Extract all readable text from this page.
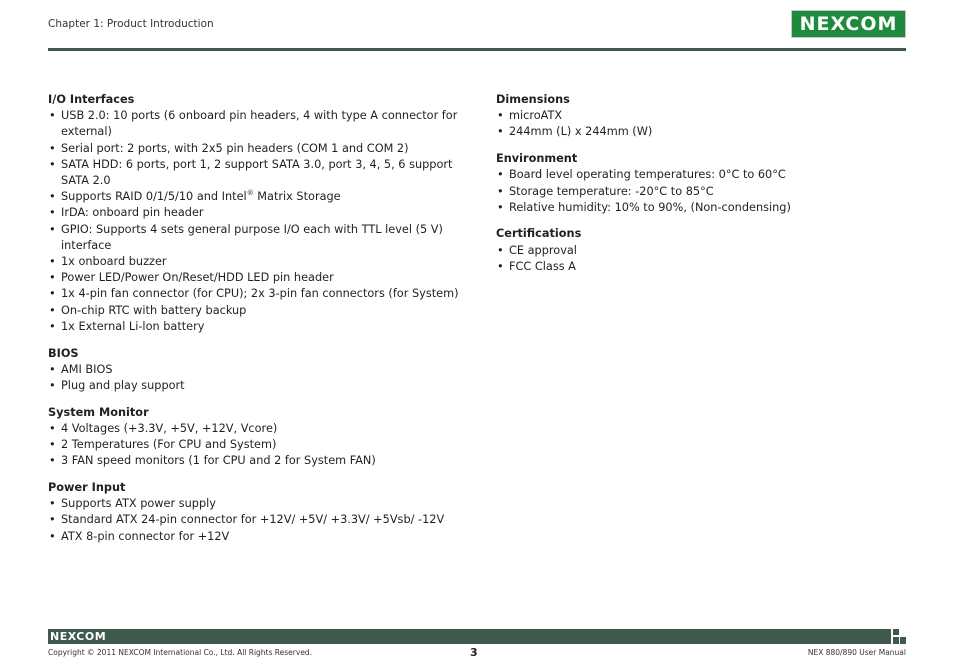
Chapter 1: Product Introduction	NEXCOM
I/O Interfaces
• USB 2.0: 10 ports (6 onboard pin headers, 4 with type A connector for external)
• Serial port: 2 ports, with 2x5 pin headers (COM 1 and COM 2)
• SATA HDD: 6 ports, port 1, 2 support SATA 3.0, port 3, 4, 5, 6 support SATA 2.0
• Supports RAID 0/1/5/10 and Intel® Matrix Storage
• IrDA: onboard pin header
• GPIO: Supports 4 sets general purpose I/O each with TTL level (5 V) interface
• 1x onboard buzzer
• Power LED/Power On/Reset/HDD LED pin header
• 1x 4-pin fan connector (for CPU); 2x 3-pin fan connectors (for System)
• On-chip RTC with battery backup
• 1x External Li-lon battery
BIOS
• AMI BIOS
• Plug and play support
System Monitor
• 4 Voltages (+3.3V, +5V, +12V, Vcore)
• 2 Temperatures (For CPU and System)
• 3 FAN speed monitors (1 for CPU and 2 for System FAN)
Power Input
• Supports ATX power supply
• Standard ATX 24-pin connector for +12V/ +5V/ +3.3V/ +5Vsb/ -12V
• ATX 8-pin connector for +12V
Dimensions
• microATX
• 244mm (L) x 244mm (W)
Environment
• Board level operating temperatures: 0°C to 60°C
• Storage temperature: -20°C to 85°C
• Relative humidity: 10% to 90%, (Non-condensing)
Certifications
• CE approval
• FCC Class A
NEXCOM
Copyright © 2011 NEXCOM International Co., Ltd. All Rights Reserved.	3	NEX 880/890 User Manual
